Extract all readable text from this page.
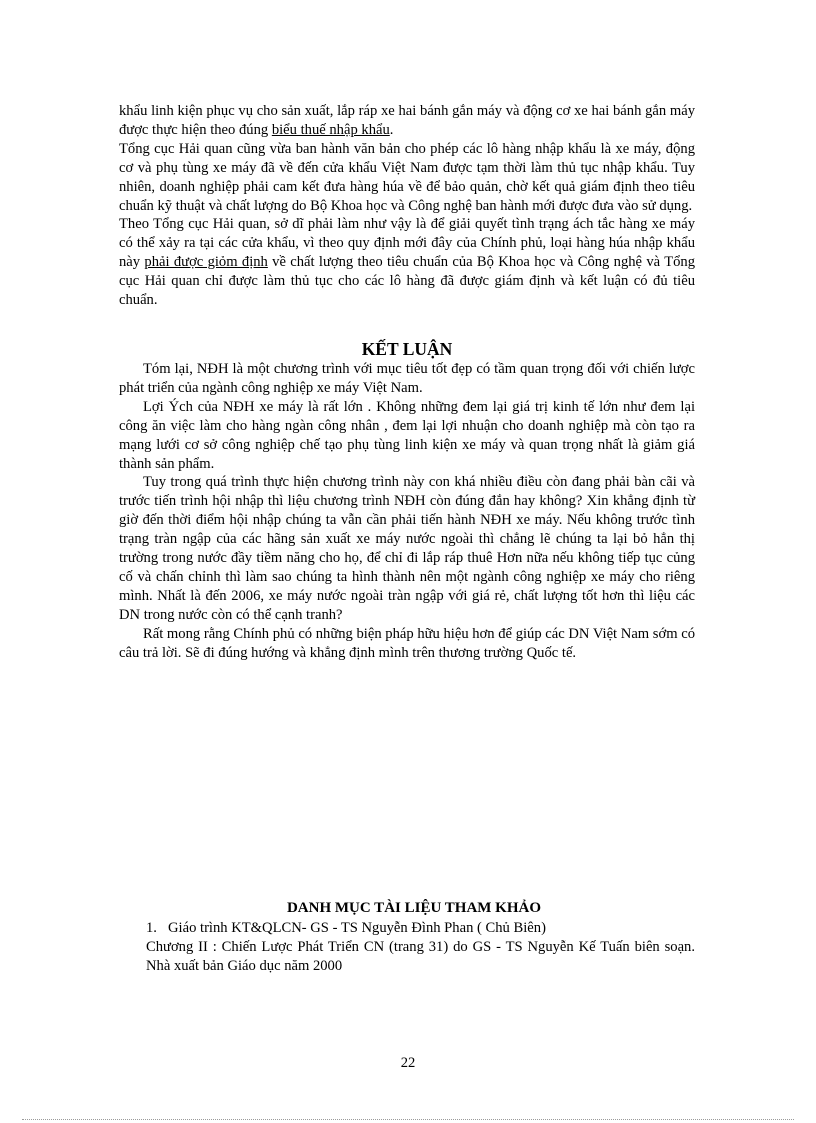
khẩu linh kiện phục vụ cho sản xuất, lắp ráp xe hai bánh gắn máy và động cơ xe hai bánh gắn máy được thực hiện theo đúng biểu thuế nhập khẩu.

Tổng cục Hải quan cũng vừa ban hành văn bản cho phép các lô hàng nhập khẩu là xe máy, động cơ và phụ tùng xe máy đã về đến cửa khẩu Việt Nam được tạm thời làm thủ tục nhập khẩu. Tuy nhiên, doanh nghiệp phải cam kết đưa hàng húa về để bảo quản, chờ kết quả giám định theo tiêu chuẩn kỹ thuật và chất lượng do Bộ Khoa học và Công nghệ ban hành mới được đưa vào sử dụng.

Theo Tổng cục Hải quan, sở dĩ phải làm như vậy là để giải quyết tình trạng ách tắc hàng xe máy có thể xảy ra tại các cửa khẩu, vì theo quy định mới đây của Chính phủ, loại hàng húa nhập khẩu này phải được giỏm định về chất lượng theo tiêu chuẩn của Bộ Khoa học và Công nghệ và Tổng cục Hải quan chỉ được làm thủ tục cho các lô hàng đã được giám định và kết luận có đủ tiêu chuẩn.

KẾT LUẬN

Tóm lại, NĐH là một chương trình với mục tiêu tốt đẹp có tầm quan trọng đối với chiến lược phát triển của ngành công nghiệp xe máy Việt Nam.

Lợi Ých của NĐH xe máy là rất lớn . Không những đem lại giá trị kinh tế lớn như đem lại công ăn việc làm cho hàng ngàn công nhân , đem lại lợi nhuận cho doanh nghiệp mà còn tạo ra mạng lưới cơ sở công nghiệp chế tạo phụ tùng linh kiện xe máy và quan trọng nhất là giảm giá thành sản phẩm.

Tuy trong quá trình thực hiện chương trình này con khá nhiều điều còn đang phải bàn cãi và trước tiến trình hội nhập thì liệu chương trình NĐH còn đúng đắn hay không? Xin khẳng định từ giờ đến thời điểm hội nhập chúng ta vẫn cần phải tiến hành NĐH xe máy. Nếu không trước tình trạng tràn ngập của các hãng sản xuất xe máy nước ngoài thì chẳng lẽ chúng ta lại bỏ hẳn thị trường trong nước đầy tiềm năng cho họ, để chỉ đi lắp ráp thuê Hơn nữa nếu không tiếp tục củng cố và chấn chỉnh thì làm sao chúng ta hình thành nên một ngành công nghiệp xe máy cho riêng mình. Nhất là đến 2006, xe máy nước ngoài tràn ngập với giá rẻ, chất lượng tốt hơn thì liệu các DN trong nước còn có thể cạnh tranh?

Rất mong rằng Chính phủ có những biện pháp hữu hiệu hơn để giúp các DN Việt Nam sớm có câu trả lời. Sẽ đi đúng hướng và khẳng định mình trên thương trường Quốc tế.

DANH MỤC TÀI LIỆU THAM KHẢO

1. Giáo trình KT&QLCN- GS - TS Nguyễn Đình Phan ( Chủ Biên)

Chương II : Chiến Lược Phát Triển CN (trang 31) do GS - TS Nguyễn Kế Tuấn biên soạn. Nhà xuất bản Giáo dục năm 2000

22
